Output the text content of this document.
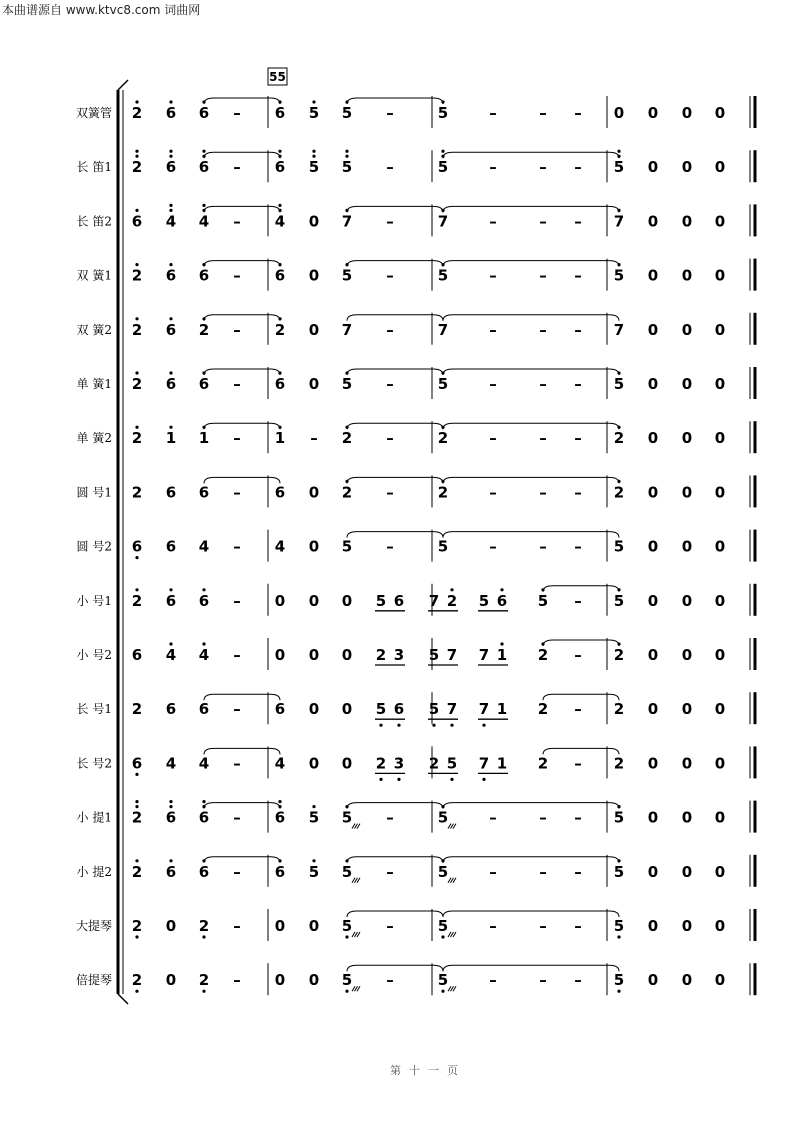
本曲谱源自 www.ktvc8.com 词曲网
55
双簧管 2 6 6 – 6 5 5 –	5	–	– – 0 0 0 0
长 笛1 2 6 6 – 6 5 5 –	5	–	– – 5 0 0 0
长 笛2 6 4 4 – 4 0 7 –	7	–	– – 7 0 0 0
双 簧1 2 6 6 – 6 0 5 –	5	–	– – 5 0 0 0
双 簧2 2 6 2 – 2 0 7 –	7	–	– – 7 0 0 0
单 簧1 2 6 6 – 6 0 5 –	5	–	– – 5 0 0 0
单 簧2 2 1 1 – 1 – 2 –	2	–	– – 2 0 0 0
圆 号1 2 6 6 – 6 0 2 –	2	–	– – 2 0 0 0
圆 号2 6 6 4 – 4 0 5 –	5	–	– – 5 0 0 0
小 号1 2 6 6 – 0 0 0 5 6 7 2 5 6 5 – 5 0 0 0
小 号2 6 4 4 – 0 0 0 2 3 5 7 7 1 2 – 2 0 0 0
长 号1 2 6 6 – 6 0 0 5 6 5 7 7 1 2 – 2 0 0 0
长 号2 6 4 4 – 4 0 0 2 3 2 5 7 1 2 – 2 0 0 0
小 提1 2 6 6 – 6 5 5 –	5	–	– – 5 0 0 0
小 提2 2 6 6 – 6 5 5 –	5	–	– – 5 0 0 0
大提琴 2 0 2 – 0 0 5 –	5	–	– – 5 0 0 0
倍提琴 2 0 2 – 0 0 5 –	5	–	– – 5 0 0 0
第十一页
